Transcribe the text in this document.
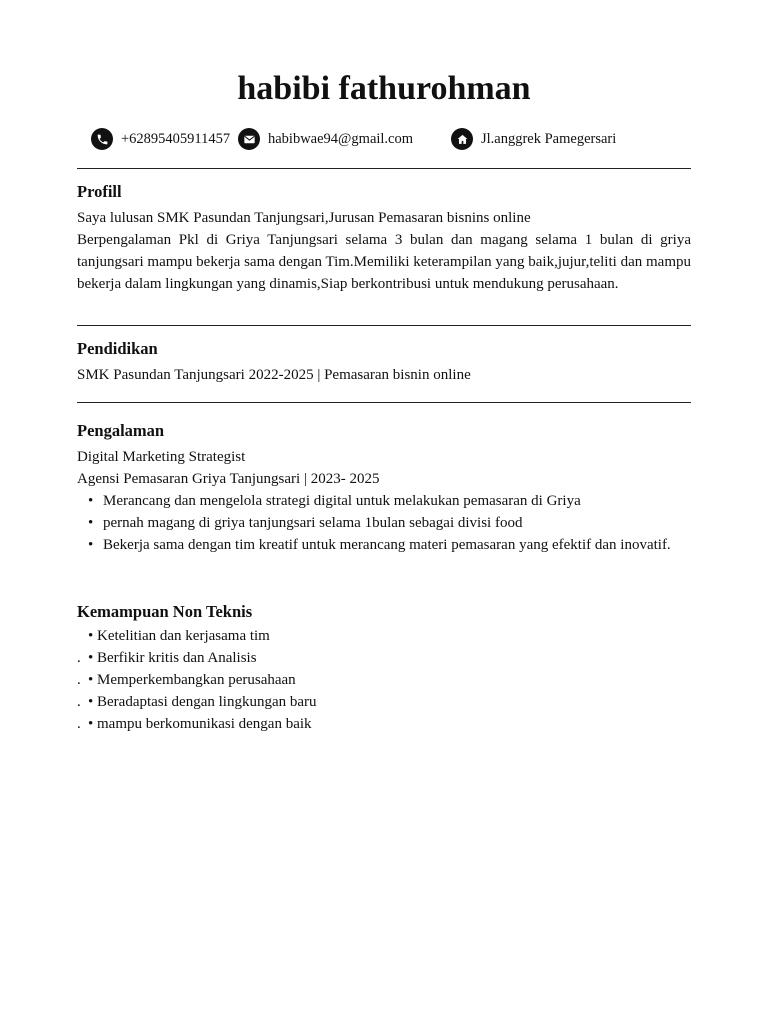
habibi fathurohman
+62895405911457	habibwae94@gmail.com	Jl.anggrek Pamegersari
Profill

Saya lulusan SMK Pasundan Tanjungsari,Jurusan Pemasaran bisnins online

Berpengalaman Pkl di Griya Tanjungsari selama 3 bulan dan magang selama 1 bulan di griya tanjungsari mampu bekerja sama dengan Tim.Memiliki keterampilan yang baik,jujur,teliti dan mampu bekerja dalam lingkungan yang dinamis,Siap berkontribusi untuk mendukung perusahaan.

Pendidikan

SMK Pasundan Tanjungsari 2022-2025 | Pemasaran bisnin online

Pengalaman

Digital Marketing Strategist

Agensi Pemasaran Griya Tanjungsari | 2023- 2025

• Merancang dan mengelola strategi digital untuk melakukan pemasaran di Griya
• pernah magang di griya tanjungsari selama 1bulan sebagai divisi food
• Bekerja sama dengan tim kreatif untuk merancang materi pemasaran yang efektif dan inovatif.
Kemampuan Non Teknis
• Ketelitian dan kerjasama tim
. • Berfikir kritis dan Analisis
. • Memperkembangkan perusahaan
. • Beradaptasi dengan lingkungan baru
. • mampu berkomunikasi dengan baik
